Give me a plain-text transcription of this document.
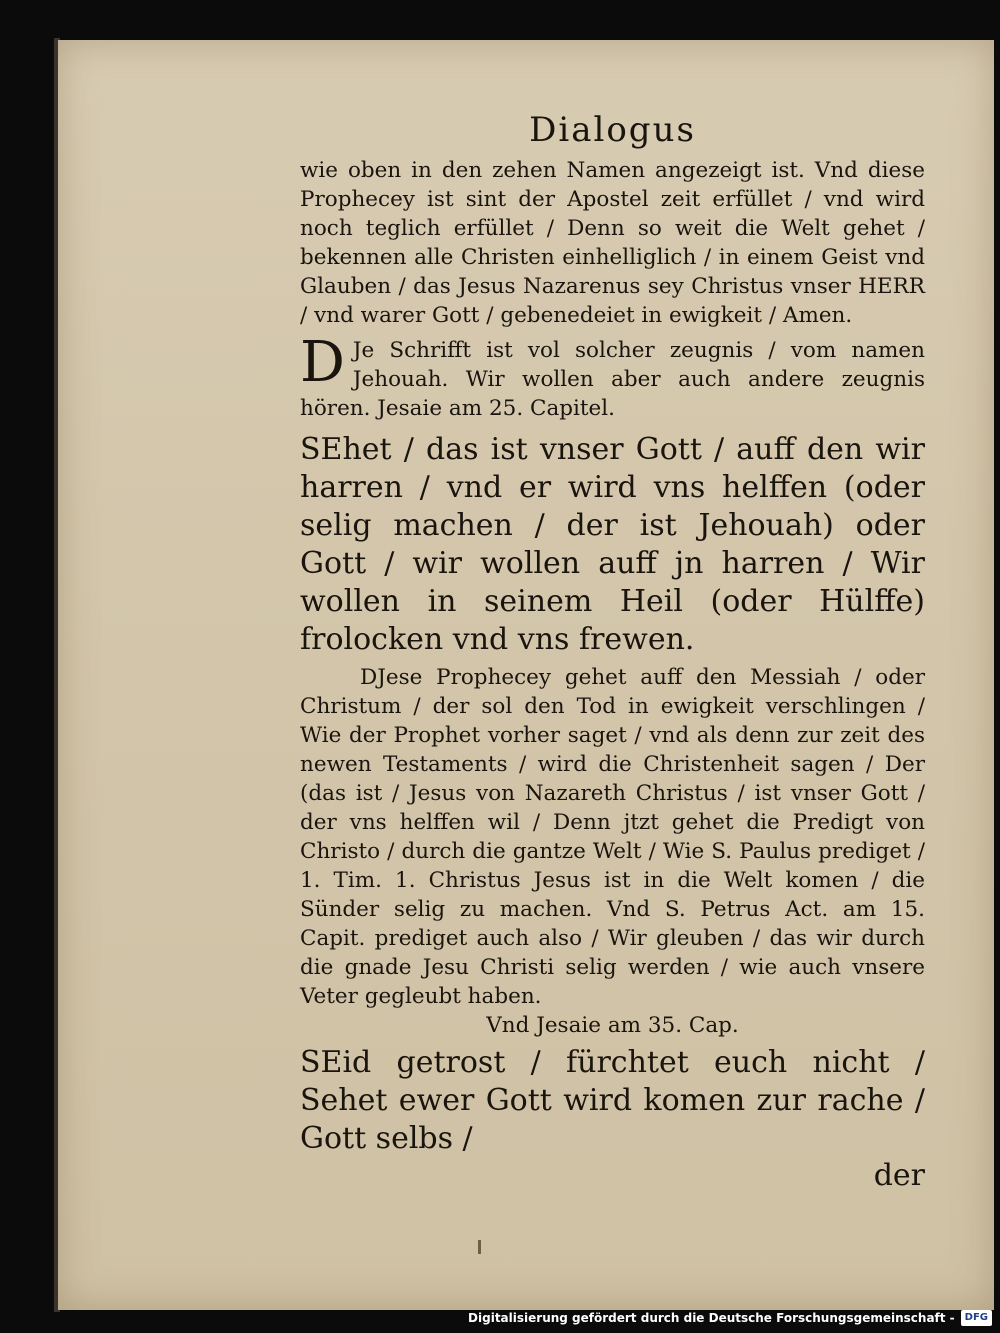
Dialogus

wie oben in den zehen Namen angezeigt ist. Vnd diese Prophecey ist sint der Apostel zeit erfüllet / vnd wird noch teglich erfüllet / Denn so weit die Welt gehet / bekennen alle Christen einhelliglich / in einem Geist vnd Glauben / das Jesus Nazarenus sey Christus vnser HERR / vnd warer Gott / gebenedeiet in ewigkeit / Amen.

D Je Schrifft ist vol solcher zeugnis / vom namen Jehouah. Wir wollen aber auch andere zeugnis hören. Jesaie am 25. Capitel.

SEhet / das ist vnser Gott / auff den wir harren / vnd er wird vns helffen (oder selig machen / der ist Jehouah) oder Gott / wir wollen auff jn harren / Wir wollen in seinem Heil (oder Hülffe) frolocken vnd vns frewen.

DJese Prophecey gehet auff den Messiah / oder Christum / der sol den Tod in ewigkeit verschlingen / Wie der Prophet vorher saget / vnd als denn zur zeit des newen Testaments / wird die Christenheit sagen / Der (das ist / Jesus von Nazareth Christus / ist vnser Gott / der vns helffen wil / Denn jtzt gehet die Predigt von Christo / durch die gantze Welt / Wie S. Paulus prediget / 1. Tim. 1. Christus Jesus ist in die Welt komen / die Sünder selig zu machen. Vnd S. Petrus Act. am 15. Capit. prediget auch also / Wir gleuben / das wir durch die gnade Jesu Christi selig werden / wie auch vnsere Veter gegleubt haben.

Vnd Jesaie am 35. Cap.

SEid getrost / fürchtet euch nicht / Sehet ewer Gott wird komen zur rache / Gott selbs /

der

Digitalisierung gefördert durch die Deutsche Forschungsgemeinschaft -	DFG
